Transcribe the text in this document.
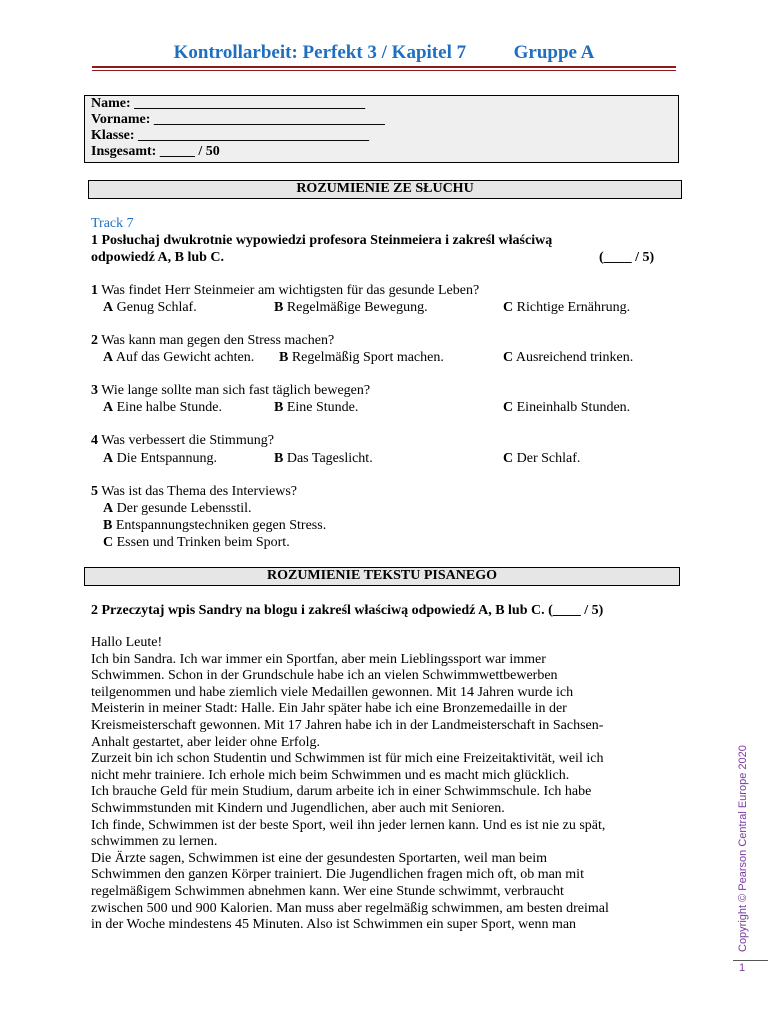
Kontrollarbeit: Perfekt 3 / Kapitel 7	Gruppe A
Name: _________________________________
Vorname: _________________________________
Klasse: _________________________________
Insgesamt: _____ / 50
ROZUMIENIE ZE SŁUCHU
Track 7
1 Posłuchaj dwukrotnie wypowiedzi profesora Steinmeiera i zakreśl właściwą
odpowiedź A, B lub C.	(____ / 5)
1 Was findet Herr Steinmeier am wichtigsten für das gesunde Leben?
A Genug Schlaf.	B Regelmäßige Bewegung.	C Richtige Ernährung.
2 Was kann man gegen den Stress machen?
A Auf das Gewicht achten. B Regelmäßig Sport machen.	C Ausreichend trinken.
3 Wie lange sollte man sich fast täglich bewegen?
A Eine halbe Stunde.	B Eine Stunde.	C Eineinhalb Stunden.
4 Was verbessert die Stimmung?
A Die Entspannung.	B Das Tageslicht.	C Der Schlaf.
5 Was ist das Thema des Interviews?
A Der gesunde Lebensstil.
B Entspannungstechniken gegen Stress.
C Essen und Trinken beim Sport.
ROZUMIENIE TEKSTU PISANEGO
2 Przeczytaj wpis Sandry na blogu i zakreśl właściwą odpowiedź A, B lub C. (____ / 5)
Hallo Leute!
Ich bin Sandra. Ich war immer ein Sportfan, aber mein Lieblingssport war immer
Schwimmen. Schon in der Grundschule habe ich an vielen Schwimmwettbewerben
teilgenommen und habe ziemlich viele Medaillen gewonnen. Mit 14 Jahren wurde ich
Meisterin in meiner Stadt: Halle. Ein Jahr später habe ich eine Bronzemedaille in der
Kreismeisterschaft gewonnen. Mit 17 Jahren habe ich in der Landmeisterschaft in Sachsen-
Anhalt gestartet, aber leider ohne Erfolg.
Zurzeit bin ich schon Studentin und Schwimmen ist für mich eine Freizeitaktivität, weil ich
nicht mehr trainiere. Ich erhole mich beim Schwimmen und es macht mich glücklich.
Ich brauche Geld für mein Studium, darum arbeite ich in einer Schwimmschule. Ich habe
Schwimmstunden mit Kindern und Jugendlichen, aber auch mit Senioren.
Ich finde, Schwimmen ist der beste Sport, weil ihn jeder lernen kann. Und es ist nie zu spät,
schwimmen zu lernen.
Die Ärzte sagen, Schwimmen ist eine der gesundesten Sportarten, weil man beim
Schwimmen den ganzen Körper trainiert. Die Jugendlichen fragen mich oft, ob man mit
regelmäßigem Schwimmen abnehmen kann. Wer eine Stunde schwimmt, verbraucht
zwischen 500 und 900 Kalorien. Man muss aber regelmäßig schwimmen, am besten dreimal
in der Woche mindestens 45 Minuten. Also ist Schwimmen ein super Sport, wenn man	Copyright © Pearson Central Europe 2020
1
